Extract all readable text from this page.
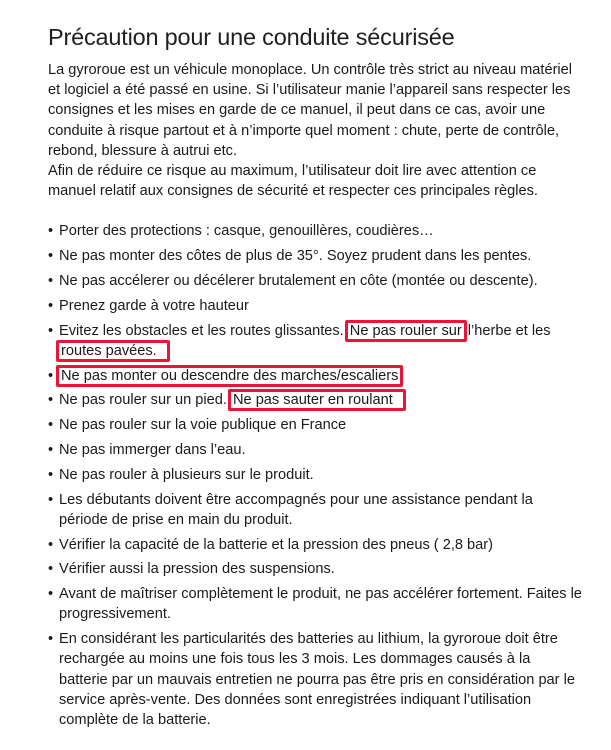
Précaution pour une conduite sécurisée

La gyroroue est un véhicule monoplace. Un contrôle très strict au niveau matériel et logiciel a été passé en usine. Si l’utilisateur manie l’appareil sans respecter les consignes et les mises en garde de ce manuel, il peut dans ce cas, avoir une conduite à risque partout et à n’importe quel moment : chute, perte de contrôle, rebond, blessure à autrui etc.

Afin de réduire ce risque au maximum, l’utilisateur doit lire avec attention ce manuel relatif aux consignes de sécurité et respecter ces principales règles.

• Porter des protections : casque, genouillères, coudières…
• Ne pas monter des côtes de plus de 35°. Soyez prudent dans les pentes.
• Ne pas accélerer ou décélerer brutalement en côte (montée ou descente).
• Prenez garde à votre hauteur
• Evitez les obstacles et les routes glissantes. Ne pas rouler sur l’herbe et les
routes pavées.
• Ne pas monter ou descendre des marches/escaliers
• Ne pas rouler sur un pied. Ne pas sauter en roulant
• Ne pas rouler sur la voie publique en France
• Ne pas immerger dans l’eau.
• Ne pas rouler à plusieurs sur le produit.
• Les débutants doivent être accompagnés pour une assistance pendant la période de prise en main du produit.
• Vérifier la capacité de la batterie et la pression des pneus ( 2,8 bar)
• Vérifier aussi la pression des suspensions.
• Avant de maîtriser complètement le produit, ne pas accélérer fortement. Faites le progressivement.
• En considérant les particularités des batteries au lithium, la gyroroue doit être rechargée au moins une fois tous les 3 mois. Les dommages causés à la batterie par un mauvais entretien ne pourra pas être pris en considération par le service après-vente. Des données sont enregistrées indiquant l’utilisation complète de la batterie.
